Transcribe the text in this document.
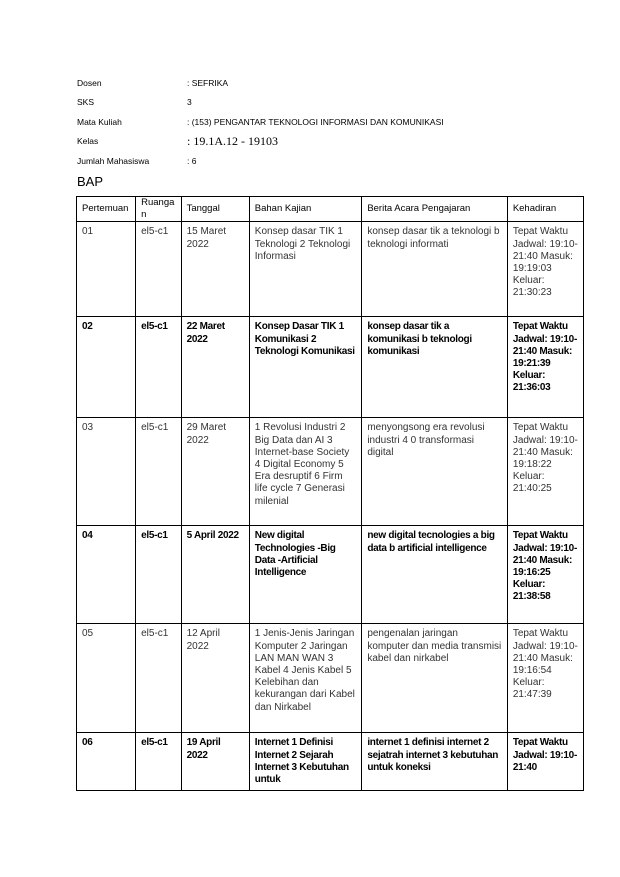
Dosen	: SEFRIKA
SKS	3
Mata Kuliah	: (153) PENGANTAR TEKNOLOGI INFORMASI DAN KOMUNIKASI
Kelas	: 19.1A.12 - 19103
Jumlah Mahasiswa	: 6
BAP
Pertemuan	Ruangan	Tanggal	Bahan Kajian	Berita Acara Pengajaran	Kehadiran
01	el5-c1	15 Maret 2022	Konsep dasar TIK 1 Teknologi 2 Teknologi Informasi	konsep dasar tik a teknologi b teknologi informati	Tepat Waktu Jadwal: 19:10-21:40 Masuk: 19:19:03 Keluar: 21:30:23
02	el5-c1	22 Maret 2022	Konsep Dasar TIK 1 Komunikasi 2 Teknologi Komunikasi	konsep dasar tik a komunikasi b teknologi komunikasi	Tepat Waktu Jadwal: 19:10-21:40 Masuk: 19:21:39 Keluar: 21:36:03
03	el5-c1	29 Maret 2022	1 Revolusi Industri 2 Big Data dan AI 3 Internet-base Society 4 Digital Economy 5 Era desruptif 6 Firm life cycle 7 Generasi milenial	menyongsong era revolusi industri 4 0 transformasi digital	Tepat Waktu Jadwal: 19:10-21:40 Masuk: 19:18:22 Keluar: 21:40:25
04	el5-c1	5 April 2022	New digital Technologies -Big Data -Artificial Intelligence	new digital tecnologies a big data b artificial intelligence	Tepat Waktu Jadwal: 19:10-21:40 Masuk: 19:16:25 Keluar: 21:38:58
05	el5-c1	12 April 2022	1 Jenis-Jenis Jaringan Komputer 2 Jaringan LAN MAN WAN 3 Kabel 4 Jenis Kabel 5 Kelebihan dan kekurangan dari Kabel dan Nirkabel	pengenalan jaringan komputer dan media transmisi kabel dan nirkabel	Tepat Waktu Jadwal: 19:10-21:40 Masuk: 19:16:54 Keluar: 21:47:39
06	el5-c1	19 April 2022	Internet 1 Definisi Internet 2 Sejarah Internet 3 Kebutuhan untuk	internet 1 definisi internet 2 sejatrah internet 3 kebutuhan untuk koneksi	Tepat Waktu Jadwal: 19:10-21:40
